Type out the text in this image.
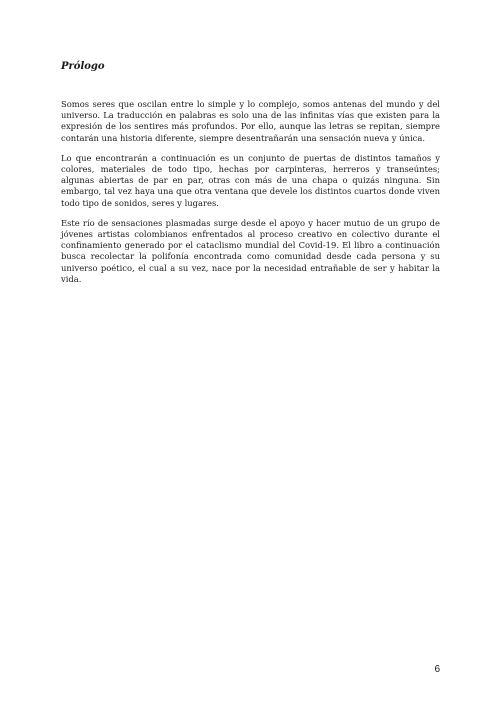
Prólogo

Somos seres que oscilan entre lo simple y lo complejo, somos antenas del mundo y del universo. La traducción en palabras es solo una de las infinitas vías que existen para la expresión de los sentires más profundos. Por ello, aunque las letras se repitan, siempre contarán una historia diferente, siempre desentrañarán una sensación nueva y única.

Lo que encontrarán a continuación es un conjunto de puertas de distintos tamaños y colores, materiales de todo tipo, hechas por carpinteras, herreros y transeúntes; algunas abiertas de par en par, otras con más de una chapa o quizás ninguna. Sin embargo, tal vez haya una que otra ventana que devele los distintos cuartos donde viven todo tipo de sonidos, seres y lugares.

Este río de sensaciones plasmadas surge desde el apoyo y hacer mutuo de un grupo de jóvenes artistas colombianos enfrentados al proceso creativo en colectivo durante el confinamiento generado por el cataclismo mundial del Covid-19. El libro a continuación busca recolectar la polifonía encontrada como comunidad desde cada persona y su universo poético, el cual a su vez, nace por la necesidad entrañable de ser y habitar la vida.

6
